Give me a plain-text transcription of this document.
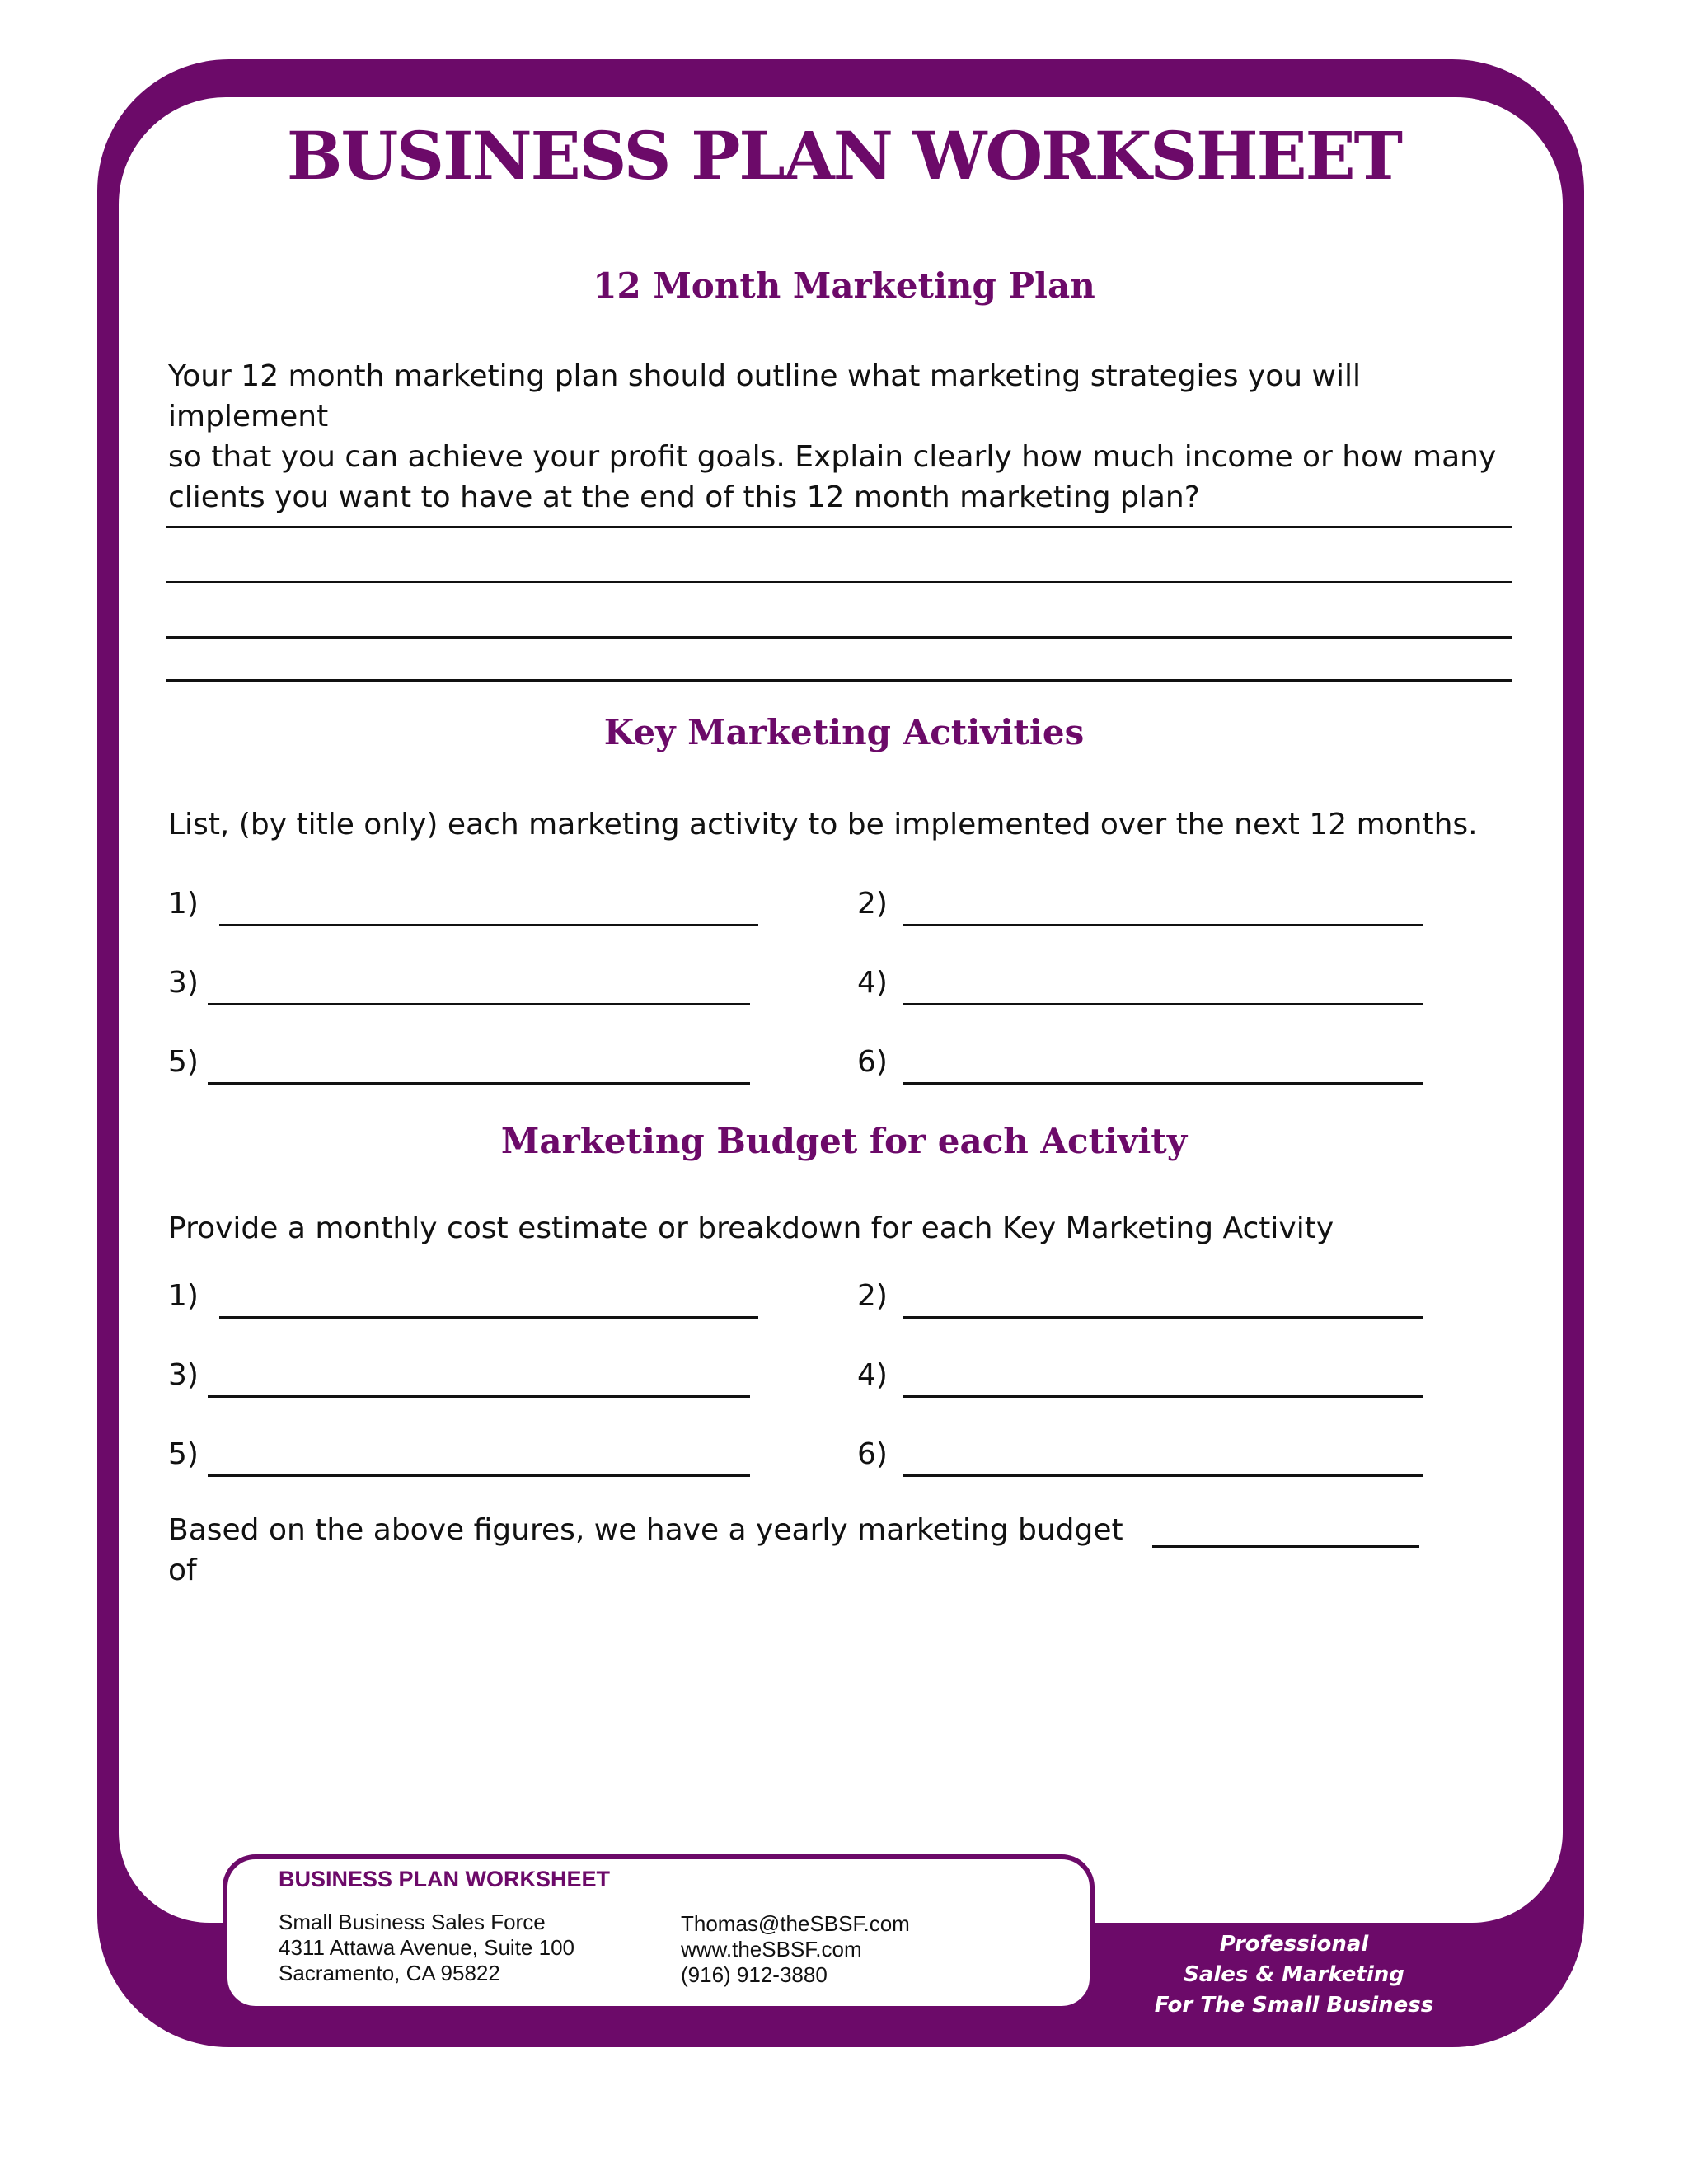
BUSINESS PLAN WORKSHEET
12 Month Marketing Plan
Your 12 month marketing plan should outline what marketing strategies you will implement
so that you can achieve your profit goals. Explain clearly how much income or how many
clients you want to have at the end of this 12 month marketing plan?
Key Marketing Activities
List, (by title only) each marketing activity to be implemented over the next 12 months.
1)	2)
3)	4)
5)	6)
Marketing Budget for each Activity
Provide a monthly cost estimate or breakdown for each Key Marketing Activity
1)	2)
3)	4)
5)	6)
Based on the above figures, we have a yearly marketing budget of
BUSINESS PLAN WORKSHEET
Small Business Sales Force
4311 Attawa Avenue, Suite 100
Sacramento, CA 95822
Thomas@theSBSF.com
www.theSBSF.com
(916) 912-3880
Professional
Sales & Marketing
For The Small Business
